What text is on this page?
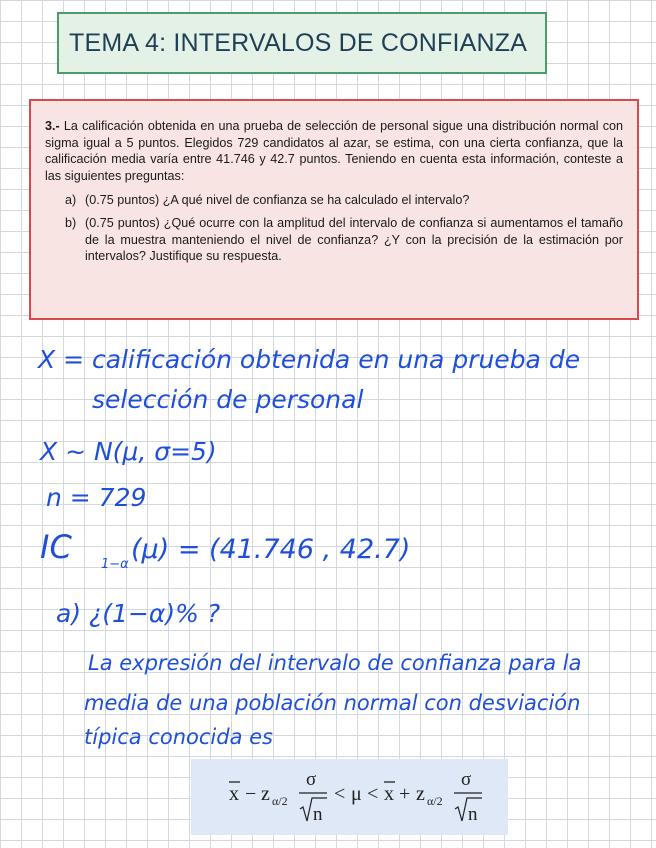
TEMA 4: INTERVALOS DE CONFIANZA

3.- La calificación obtenida en una prueba de selección de personal sigue una distribución normal con sigma igual a 5 puntos. Elegidos 729 candidatos al azar, se estima, con una cierta confianza, que la calificación media varía entre 41.746 y 42.7 puntos. Teniendo en cuenta esta información, conteste a las siguientes preguntas:

a) (0.75 puntos) ¿A qué nivel de confianza se ha calculado el intervalo?
b) (0.75 puntos) ¿Qué ocurre con la amplitud del intervalo de confianza si aumentamos el tamaño de la muestra manteniendo el nivel de confianza? ¿Y con la precisión de la estimación por intervalos? Justifique su respuesta.
X = calificación obtenida en una prueba de
selección de personal
X ~ N(μ, σ=5)
n = 729
IC 1−α (μ) = (41.746 , 42.7)
a) ¿(1−α)% ?
La expresión del intervalo de confianza para la
media de una población normal con desviación
típica conocida es
x − z α/2
σ
n
< μ < x + z α/2
σ
n
